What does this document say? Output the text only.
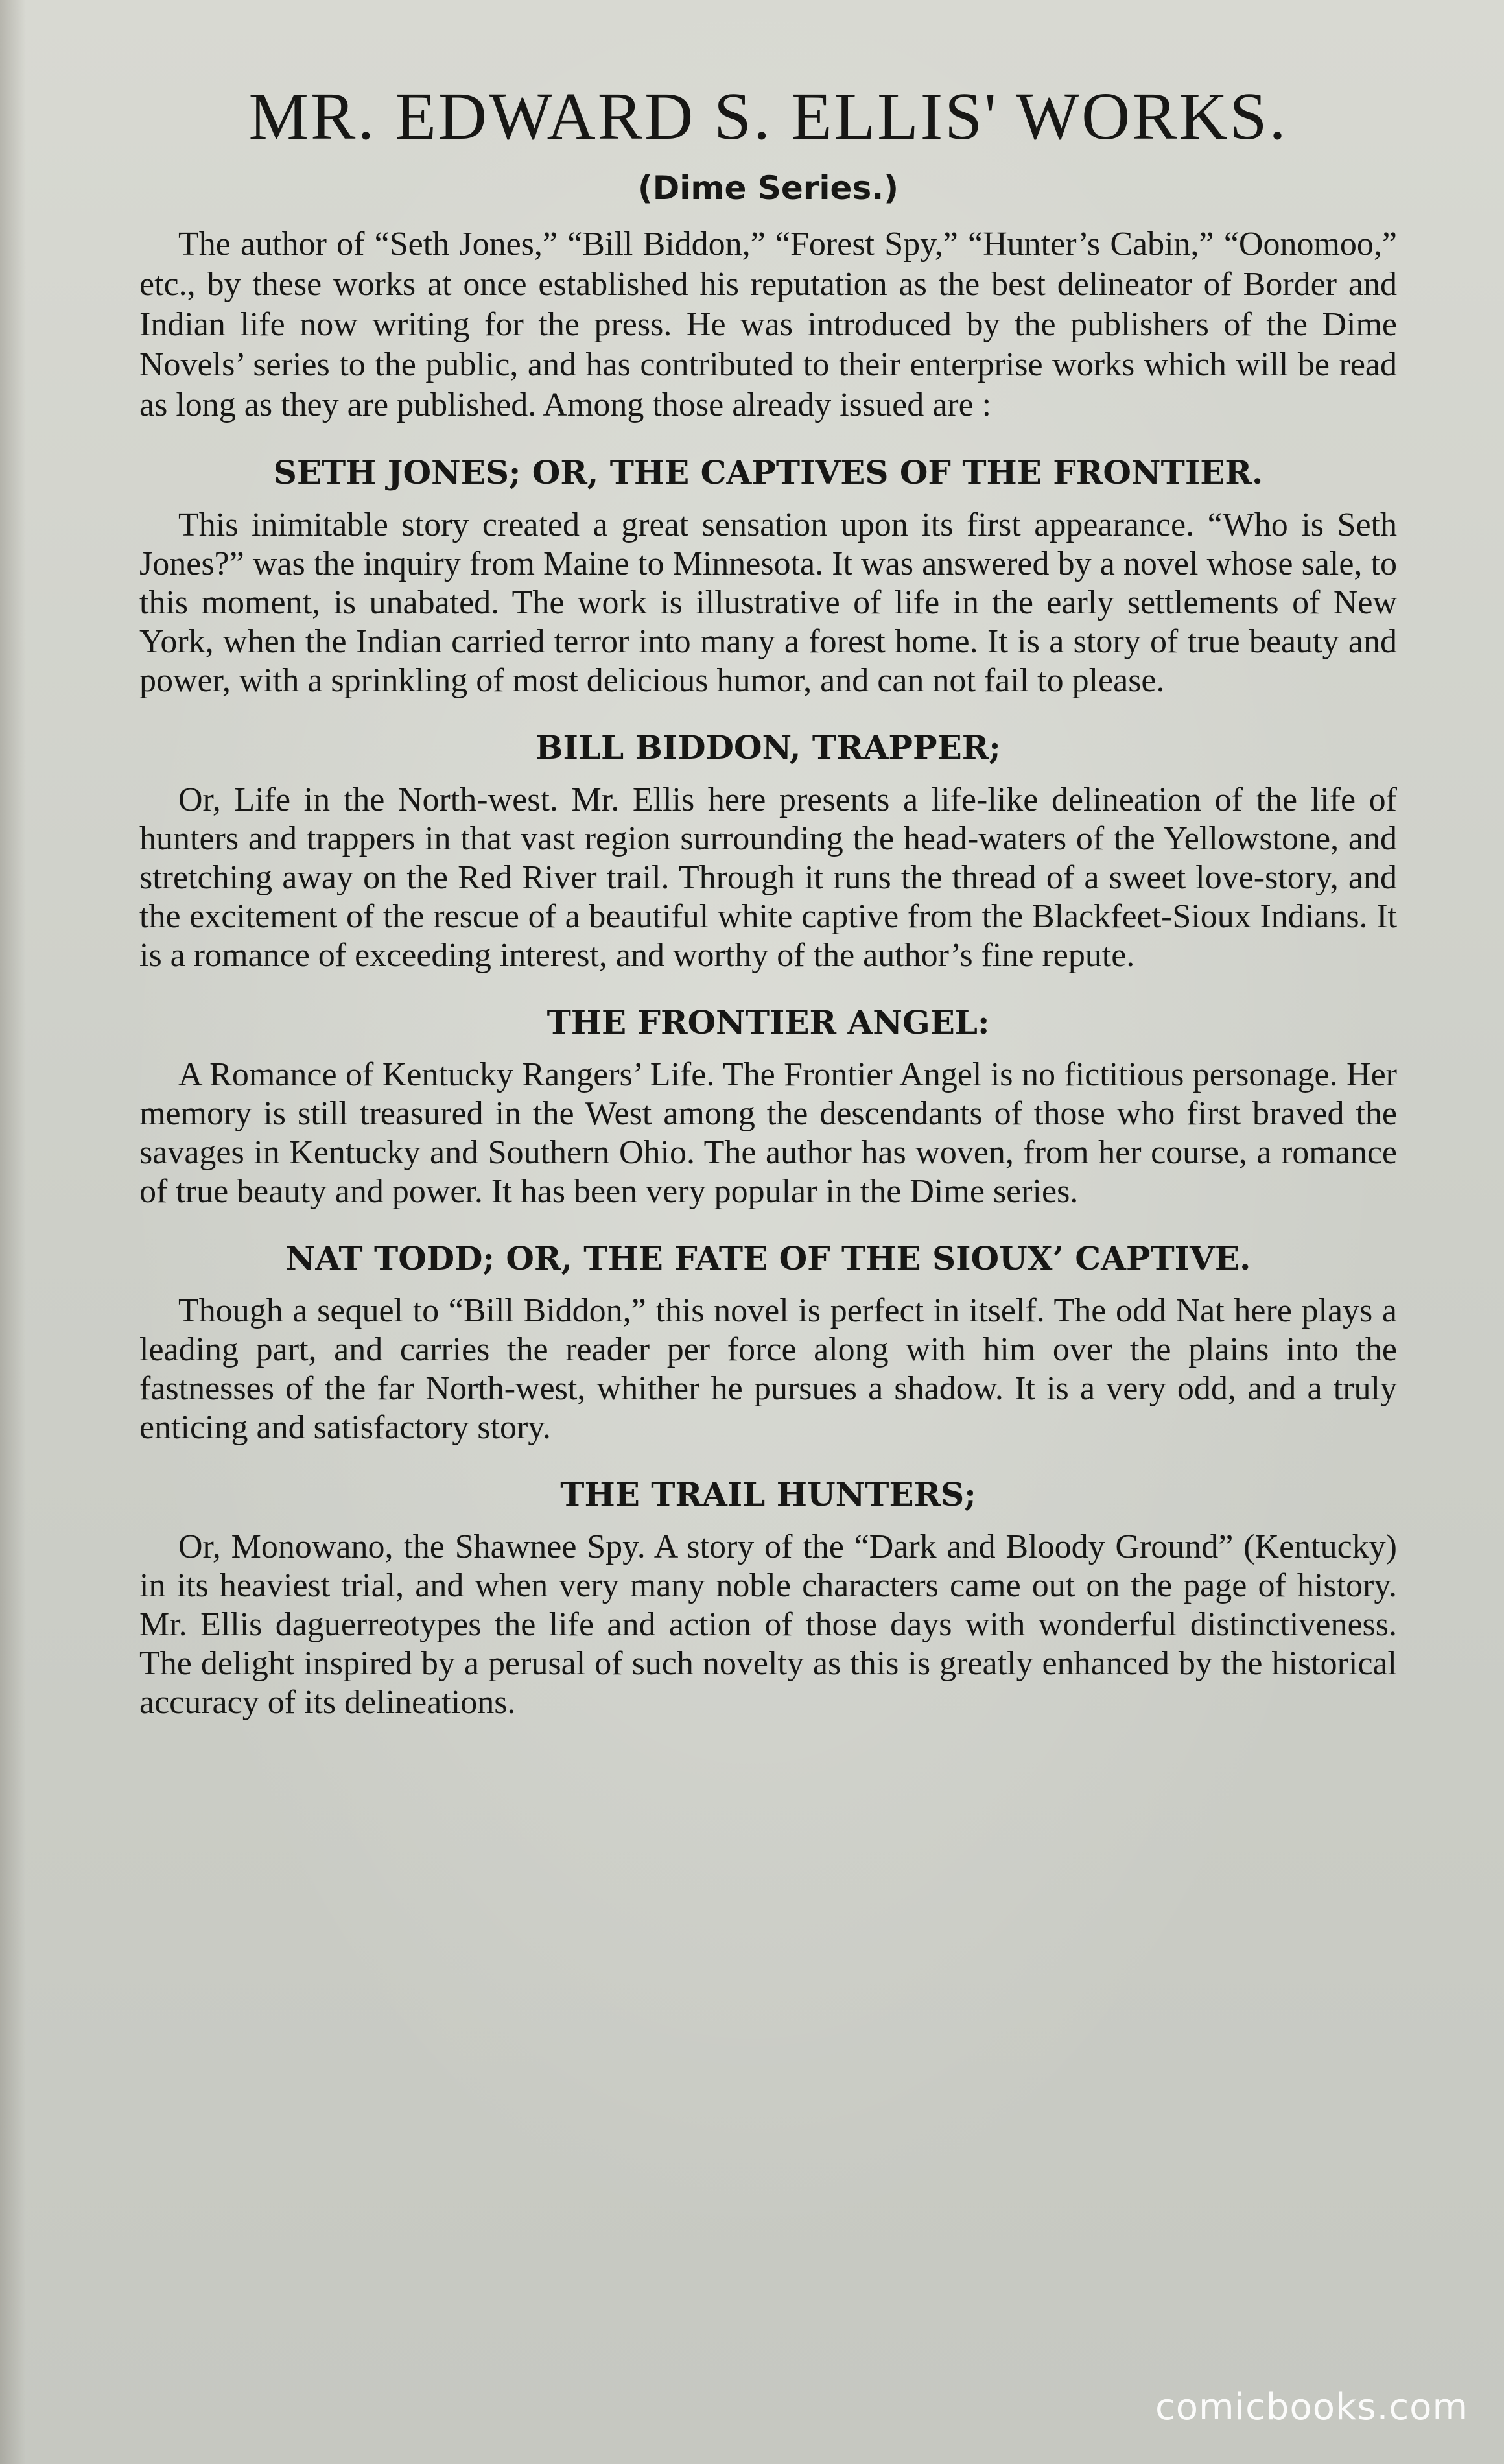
MR. EDWARD S. ELLIS' WORKS.
(Dime Series.)

The author of “Seth Jones,” “Bill Biddon,” “Forest Spy,” “Hunter’s Cabin,” “Oonomoo,” etc., by these works at once established his reputation as the best delineator of Border and Indian life now writing for the press. He was introduced by the publishers of the Dime Novels’ series to the public, and has contributed to their enterprise works which will be read as long as they are published. Among those already issued are :

SETH JONES; OR, THE CAPTIVES OF THE FRONTIER.

This inimitable story created a great sensation upon its first appearance. “Who is Seth Jones?” was the inquiry from Maine to Minnesota. It was answered by a novel whose sale, to this moment, is unabated. The work is illustrative of life in the early settlements of New York, when the Indian carried terror into many a forest home. It is a story of true beauty and power, with a sprinkling of most delicious humor, and can not fail to please.

BILL BIDDON, TRAPPER;

Or, Life in the North-west. Mr. Ellis here presents a life-like delineation of the life of hunters and trappers in that vast region surrounding the head-waters of the Yellowstone, and stretching away on the Red River trail. Through it runs the thread of a sweet love-story, and the excitement of the rescue of a beautiful white captive from the Blackfeet-Sioux Indians. It is a romance of exceeding interest, and worthy of the author’s fine repute.

THE FRONTIER ANGEL:

A Romance of Kentucky Rangers’ Life. The Frontier Angel is no fictitious personage. Her memory is still treasured in the West among the descendants of those who first braved the savages in Kentucky and Southern Ohio. The author has woven, from her course, a romance of true beauty and power. It has been very popular in the Dime series.

NAT TODD; OR, THE FATE OF THE SIOUX’ CAPTIVE.

Though a sequel to “Bill Biddon,” this novel is perfect in itself. The odd Nat here plays a leading part, and carries the reader per force along with him over the plains into the fastnesses of the far North-west, whither he pursues a shadow. It is a very odd, and a truly enticing and satisfactory story.

THE TRAIL HUNTERS;

Or, Monowano, the Shawnee Spy. A story of the “Dark and Bloody Ground” (Kentucky) in its heaviest trial, and when very many noble characters came out on the page of history. Mr. Ellis daguerreotypes the life and action of those days with wonderful distinctiveness. The delight inspired by a perusal of such novelty as this is greatly enhanced by the historical accuracy of its delineations.

comicbooks.com
